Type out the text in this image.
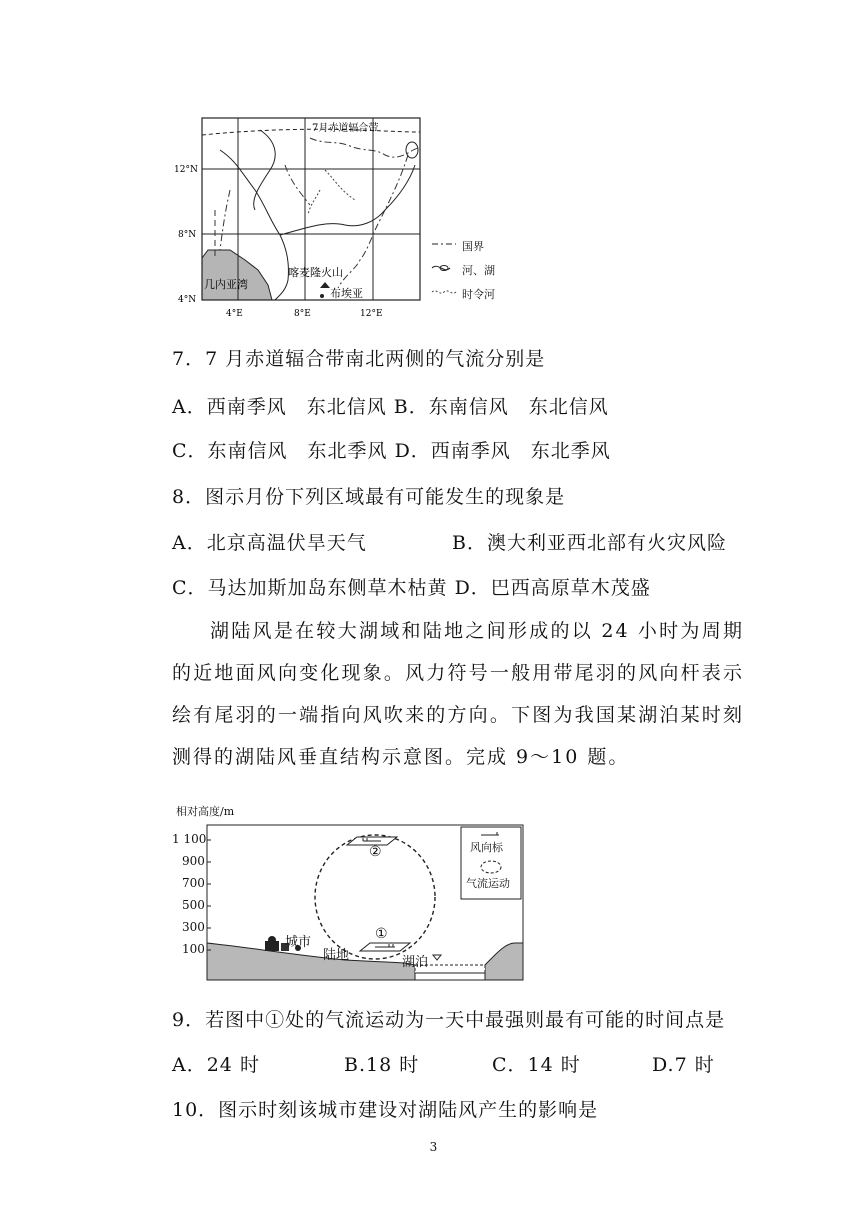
7月赤道辐合带
12°N
8°N
4°N
4°E	8°E	12°E
几内亚湾
喀麦隆火山
布埃亚
国界
河、湖
时令河
7．7 月赤道辐合带南北两侧的气流分别是
A．西南季风　东北信风 B．东南信风　东北信风
C．东南信风　东北季风 D．西南季风　东北季风
8．图示月份下列区域最有可能发生的现象是
A．北京高温伏旱天气	B．澳大利亚西北部有火灾风险
C．马达加斯加岛东侧草木枯黄 D．巴西高原草木茂盛
湖陆风是在较大湖域和陆地之间形成的以 24 小时为周期的近地面风向变化现象。风力符号一般用带尾羽的风向杆表示绘有尾羽的一端指向风吹来的方向。下图为我国某湖泊某时刻测得的湖陆风垂直结构示意图。完成 9～10 题。
相对高度/m
1 100
900
700
500
300
100
②
①
城市
陆地	湖泊
风向标
气流运动
9．若图中①处的气流运动为一天中最强则最有可能的时间点是
A．24 时	B.18 时	C．14 时	D.7 时
10．图示时刻该城市建设对湖陆风产生的影响是
3
